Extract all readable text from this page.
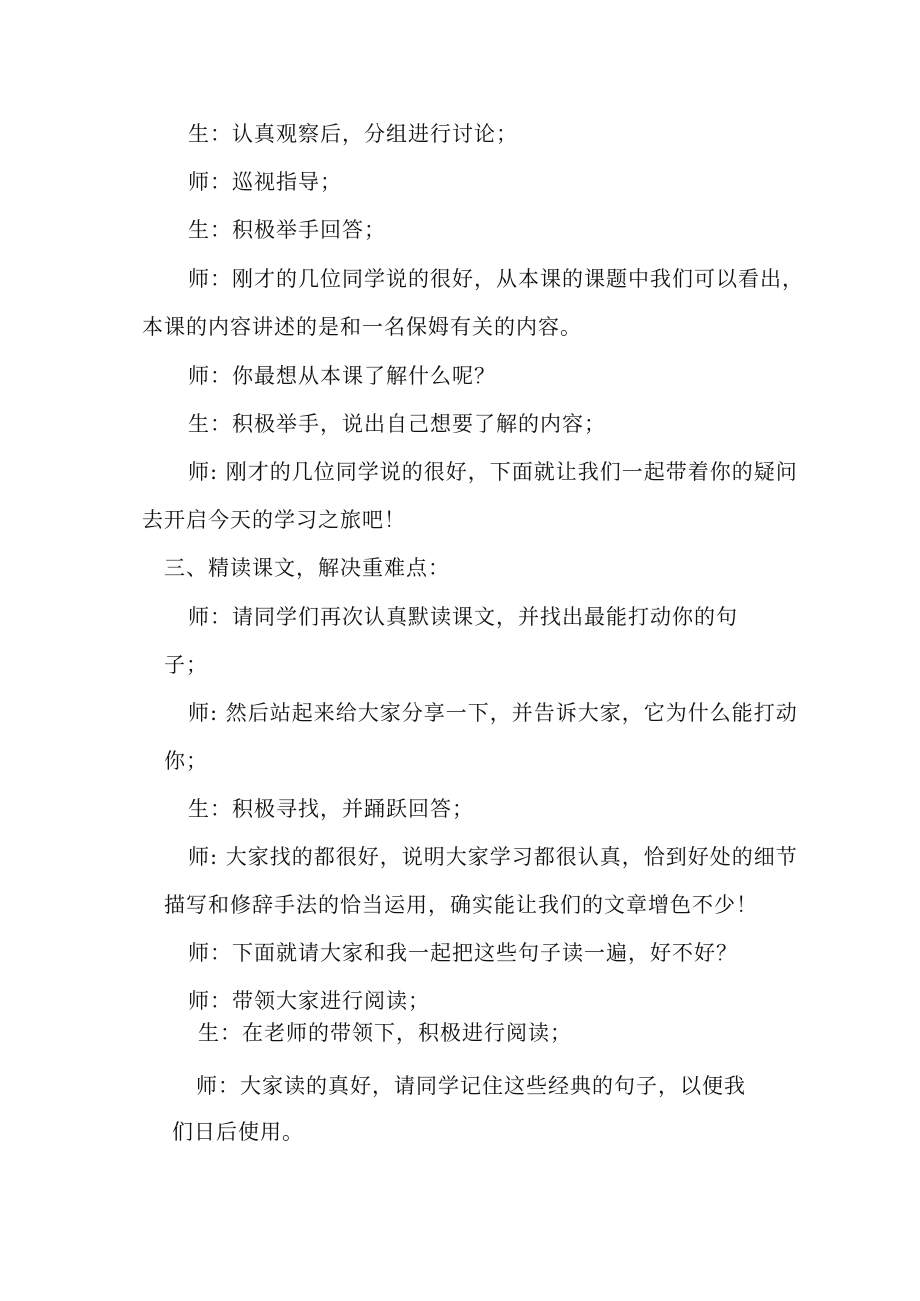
生：认真观察后，分组进行讨论；
师：巡视指导；
生：积极举手回答；
师：刚才的几位同学说的很好，从本课的课题中我们可以看出，
本课的内容讲述的是和一名保姆有关的内容。
师：你最想从本课了解什么呢？
生：积极举手，说出自己想要了解的内容；
师: 刚才的几位同学说的很好，下面就让我们一起带着你的疑问
去开启今天的学习之旅吧！
三、精读课文，解决重难点：
师：请同学们再次认真默读课文，并找出最能打动你的句
子；
师: 然后站起来给大家分享一下，并告诉大家，它为什么能打动
你；
生：积极寻找，并踊跃回答；
师: 大家找的都很好，说明大家学习都很认真，恰到好处的细节
描写和修辞手法的恰当运用，确实能让我们的文章增色不少！
师：下面就请大家和我一起把这些句子读一遍，好不好？
师：带领大家进行阅读；
生：在老师的带领下，积极进行阅读；
师：大家读的真好，请同学记住这些经典的句子，以便我
们日后使用。
